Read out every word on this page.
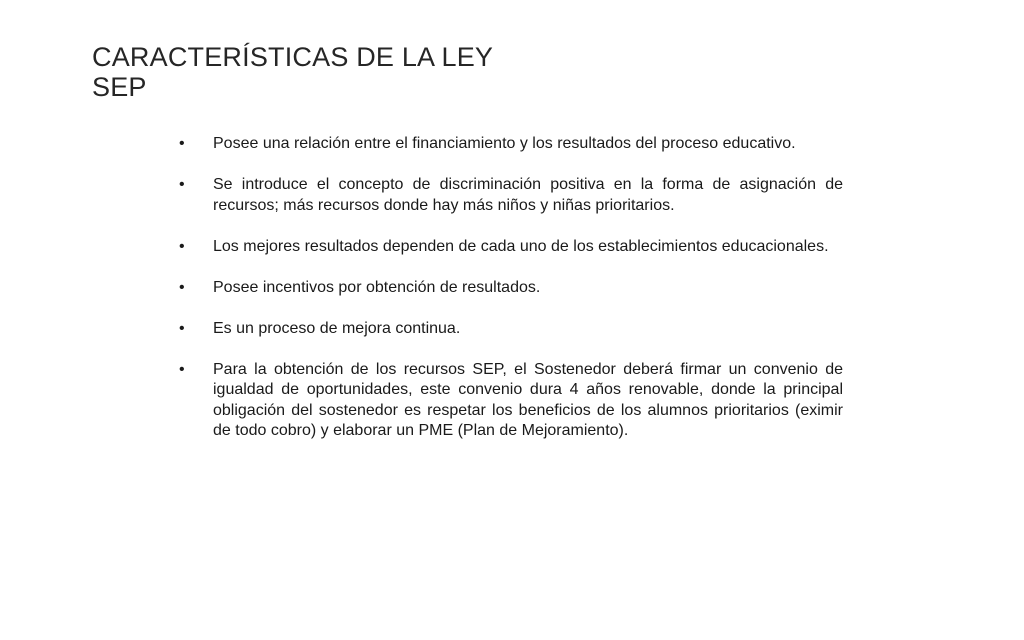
CARACTERÍSTICAS DE LA LEY
SEP
•	Posee una relación entre el financiamiento y los resultados del proceso educativo.
•	Se introduce el concepto de discriminación positiva en la forma de asignación de recursos; más recursos donde hay más niños y niñas prioritarios.
•	Los mejores resultados dependen de cada uno de los establecimientos educacionales.
•	Posee incentivos por obtención de resultados.
•	Es un proceso de mejora continua.
•	Para la obtención de los recursos SEP, el Sostenedor deberá firmar un convenio de igualdad de oportunidades, este convenio dura 4 años renovable, donde la principal obligación del sostenedor es respetar los beneficios de los alumnos prioritarios (eximir de todo cobro) y elaborar un PME (Plan de Mejoramiento).
